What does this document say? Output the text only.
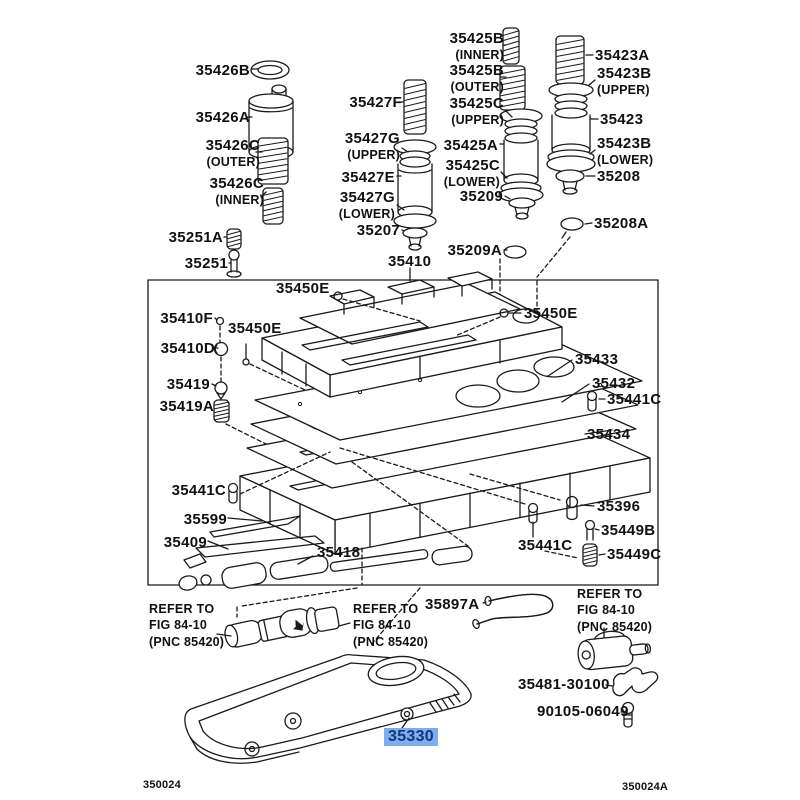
35426B
35426A
35426C
(OUTER)
35426C
(INNER)
35251A
35251
35427F
35427G
(UPPER)
35427E
35427G
(LOWER)
35207
35425B
(INNER)
35425B
(OUTER)
35425C
(UPPER)
35425A
35425C
(LOWER)
35209
35209A
35423A
35423B
(UPPER)
35423
35423B
(LOWER)
35208
35208A
35410
35450E
35410F
35450E
35410D
35419
35419A
35450E
35433
35432
35441C
35434
35441C
35599
35409
35418
35396
35449B
35441C
35449C
REFER TO
FIG 84-10
(PNC 85420)
REFER TO
FIG 84-10
(PNC 85420)
35897A
REFER TO
FIG 84-10
(PNC 85420)
35481-30100
90105-06049
35330
350024	350024A
